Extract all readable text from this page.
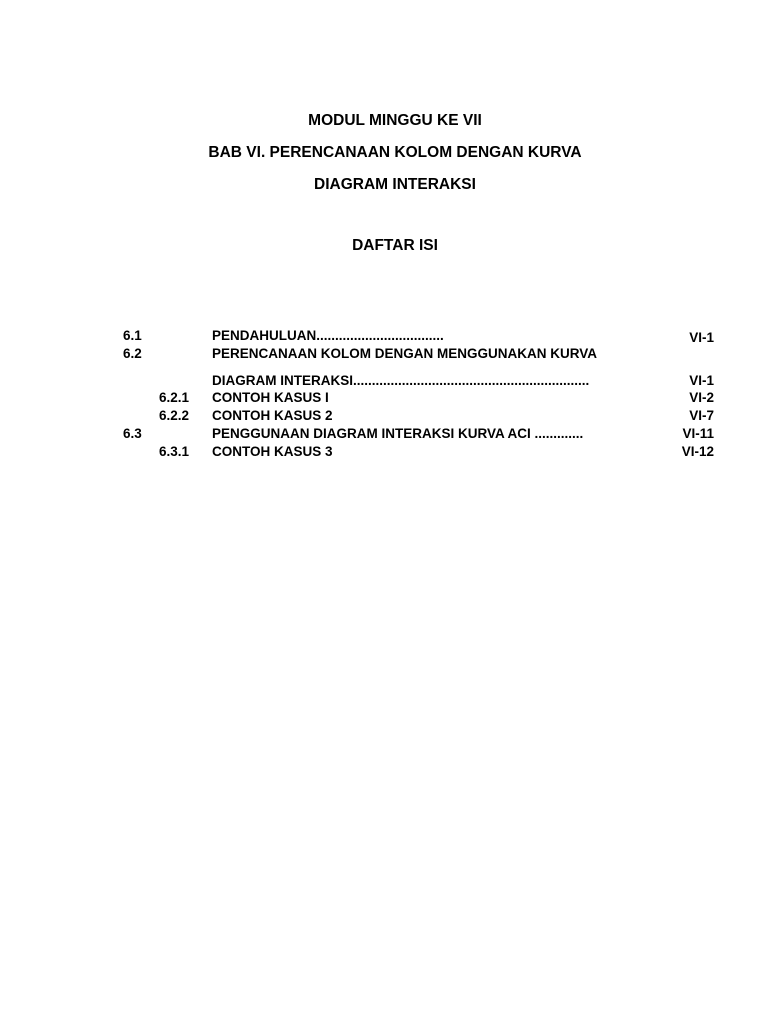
MODUL MINGGU KE VII
BAB VI. PERENCANAAN KOLOM DENGAN KURVA
DIAGRAM INTERAKSI
DAFTAR ISI
6.1	PENDAHULUAN..................................	VI-1
6.2	PERENCANAAN KOLOM DENGAN MENGGUNAKAN KURVA
DIAGRAM INTERAKSI...............................................................	VI-1
6.2.1 CONTOH KASUS I	VI-2
6.2.2 CONTOH KASUS 2	VI-7
6.3	PENGGUNAAN DIAGRAM INTERAKSI KURVA ACI .............	VI-11
6.3.1 CONTOH KASUS 3	VI-12
